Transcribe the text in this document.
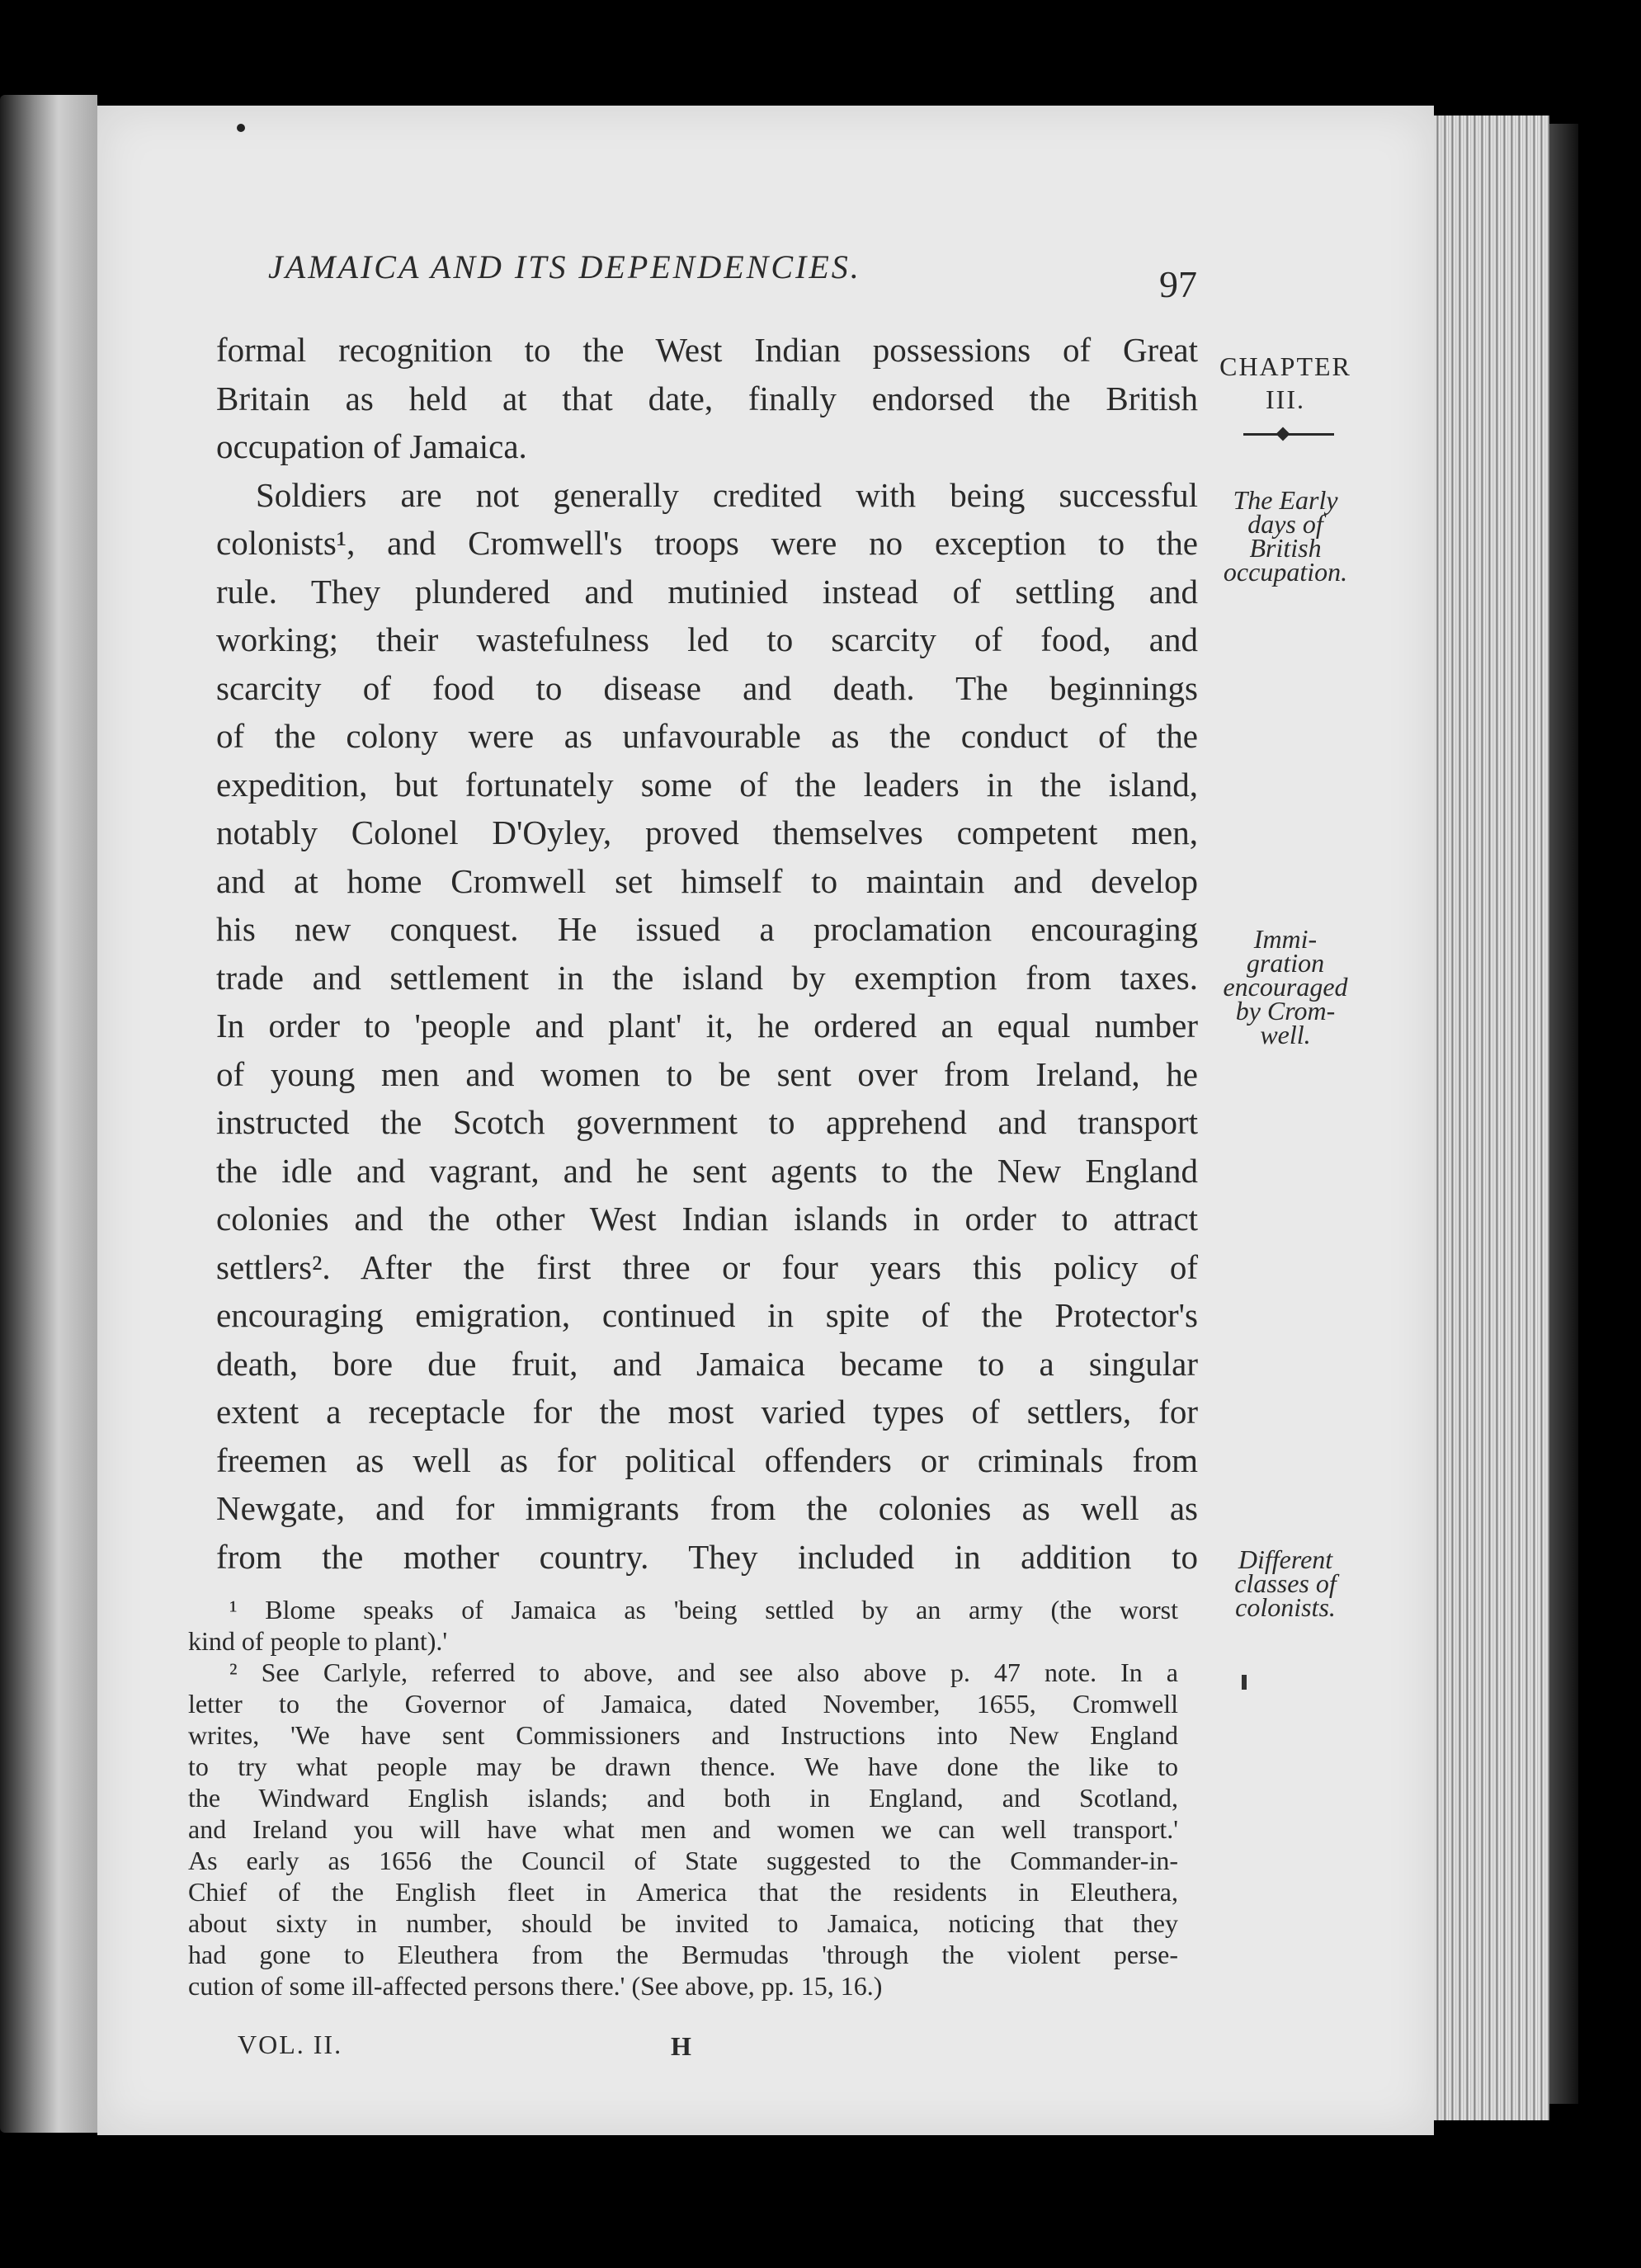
JAMAICA AND ITS DEPENDENCIES.	97
formal recognition to the West Indian possessions of Great
Britain as held at that date, finally endorsed the British
occupation of Jamaica.
Soldiers are not generally credited with being successful
colonists¹, and Cromwell's troops were no exception to the
rule. They plundered and mutinied instead of settling and
working; their wastefulness led to scarcity of food, and
scarcity of food to disease and death. The beginnings
of the colony were as unfavourable as the conduct of the
expedition, but fortunately some of the leaders in the island,
notably Colonel D'Oyley, proved themselves competent men,
and at home Cromwell set himself to maintain and develop
his new conquest. He issued a proclamation encouraging
trade and settlement in the island by exemption from taxes.
In order to 'people and plant' it, he ordered an equal number
of young men and women to be sent over from Ireland, he
instructed the Scotch government to apprehend and transport
the idle and vagrant, and he sent agents to the New England
colonies and the other West Indian islands in order to attract
settlers². After the first three or four years this policy of
encouraging emigration, continued in spite of the Protector's
death, bore due fruit, and Jamaica became to a singular
extent a receptacle for the most varied types of settlers, for
freemen as well as for political offenders or criminals from
Newgate, and for immigrants from the colonies as well as
from the mother country. They included in addition to
CHAPTER
III.
The Early
days of
British
occupation.
Immi-
gration
encouraged
by Crom-
well.
Different
classes of
colonists.
¹ Blome speaks of Jamaica as 'being settled by an army (the worst
kind of people to plant).'
² See Carlyle, referred to above, and see also above p. 47 note. In a
letter to the Governor of Jamaica, dated November, 1655, Cromwell
writes, 'We have sent Commissioners and Instructions into New England
to try what people may be drawn thence. We have done the like to
the Windward English islands; and both in England, and Scotland,
and Ireland you will have what men and women we can well transport.'
As early as 1656 the Council of State suggested to the Commander-in-
Chief of the English fleet in America that the residents in Eleuthera,
about sixty in number, should be invited to Jamaica, noticing that they
had gone to Eleuthera from the Bermudas 'through the violent perse-
cution of some ill-affected persons there.' (See above, pp. 15, 16.)
VOL. II.	H
